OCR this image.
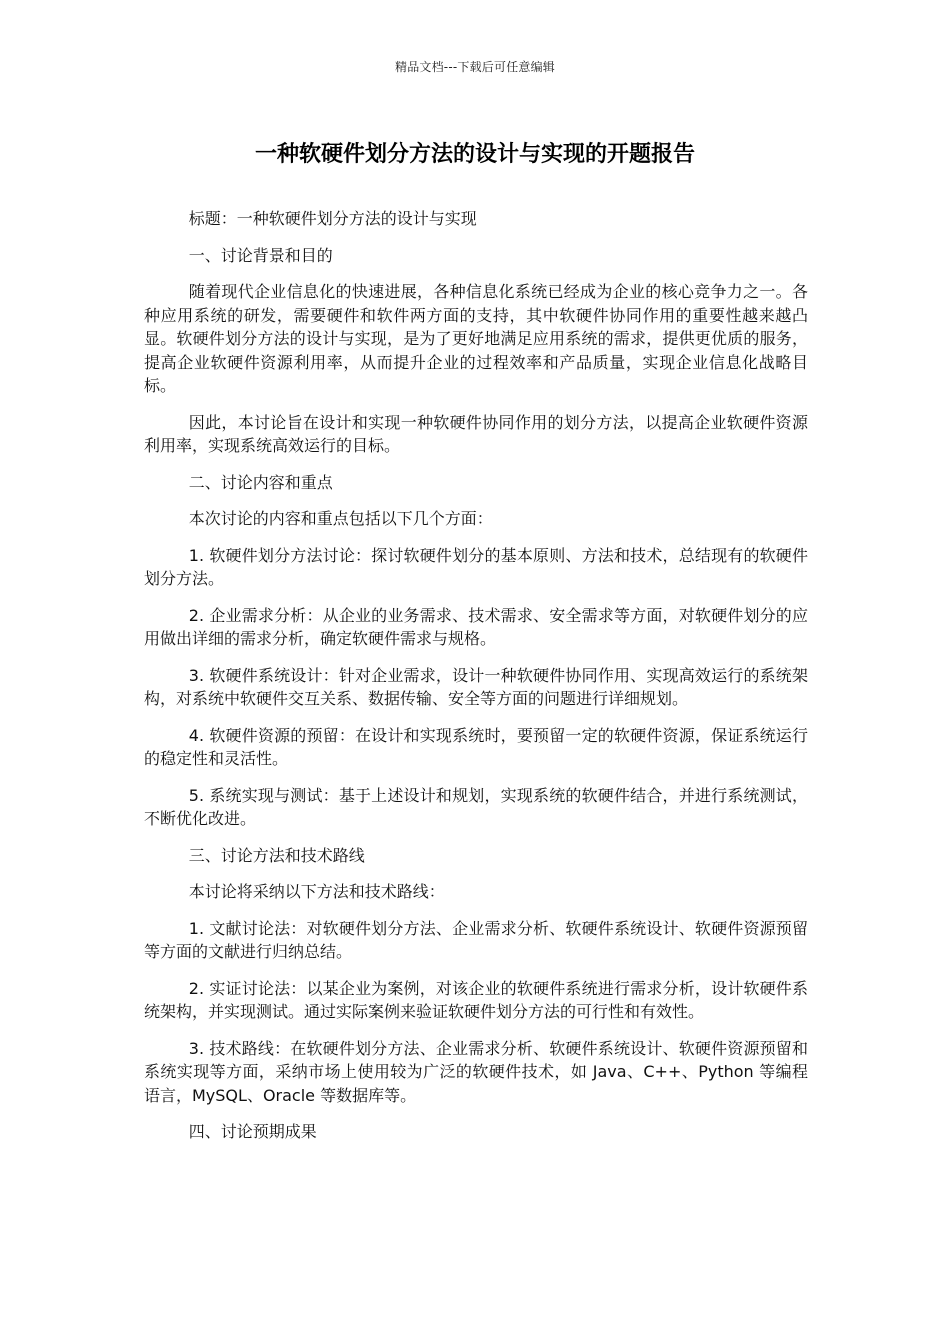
精品文档---下载后可任意编辑
一种软硬件划分方法的设计与实现的开题报告

标题：一种软硬件划分方法的设计与实现

一、讨论背景和目的

随着现代企业信息化的快速进展，各种信息化系统已经成为企业的核心竞争力之一。各种应用系统的研发，需要硬件和软件两方面的支持，其中软硬件协同作用的重要性越来越凸显。软硬件划分方法的设计与实现，是为了更好地满足应用系统的需求，提供更优质的服务，提高企业软硬件资源利用率，从而提升企业的过程效率和产品质量，实现企业信息化战略目标。

因此，本讨论旨在设计和实现一种软硬件协同作用的划分方法，以提高企业软硬件资源利用率，实现系统高效运行的目标。

二、讨论内容和重点

本次讨论的内容和重点包括以下几个方面：

1. 软硬件划分方法讨论：探讨软硬件划分的基本原则、方法和技术，总结现有的软硬件划分方法。

2. 企业需求分析：从企业的业务需求、技术需求、安全需求等方面，对软硬件划分的应用做出详细的需求分析，确定软硬件需求与规格。

3. 软硬件系统设计：针对企业需求，设计一种软硬件协同作用、实现高效运行的系统架构，对系统中软硬件交互关系、数据传输、安全等方面的问题进行详细规划。

4. 软硬件资源的预留：在设计和实现系统时，要预留一定的软硬件资源，保证系统运行的稳定性和灵活性。

5. 系统实现与测试：基于上述设计和规划，实现系统的软硬件结合，并进行系统测试，不断优化改进。

三、讨论方法和技术路线

本讨论将采纳以下方法和技术路线：

1. 文献讨论法：对软硬件划分方法、企业需求分析、软硬件系统设计、软硬件资源预留等方面的文献进行归纳总结。

2. 实证讨论法：以某企业为案例，对该企业的软硬件系统进行需求分析，设计软硬件系统架构，并实现测试。通过实际案例来验证软硬件划分方法的可行性和有效性。

3. 技术路线：在软硬件划分方法、企业需求分析、软硬件系统设计、软硬件资源预留和系统实现等方面，采纳市场上使用较为广泛的软硬件技术，如 Java、C++、Python 等编程语言，MySQL、Oracle 等数据库等。

四、讨论预期成果
